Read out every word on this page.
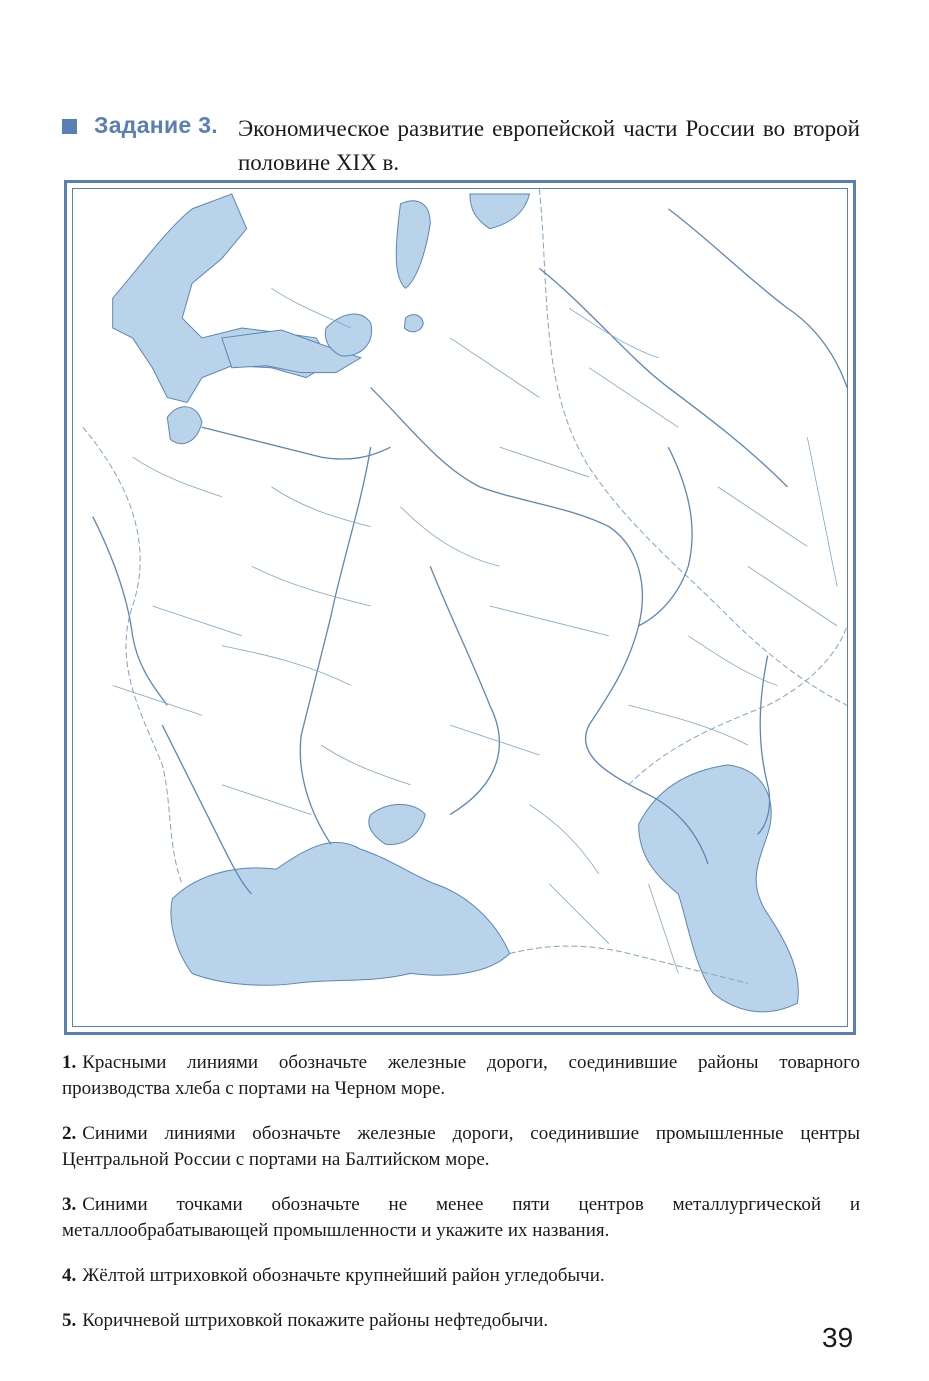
Задание 3. Экономическое развитие европейской части России во второй половине XIX в.

1. Красными линиями обозначьте железные дороги, соединившие районы товарного производства хлеба с портами на Черном море.

2. Синими линиями обозначьте железные дороги, соединившие промышленные центры Центральной России с портами на Балтийском море.

3. Синими точками обозначьте не менее пяти центров металлургической и металлообрабатывающей промышленности и укажите их названия.

4. Жёлтой штриховкой обозначьте крупнейший район угледобычи.

5. Коричневой штриховкой покажите районы нефтедобычи.

39
